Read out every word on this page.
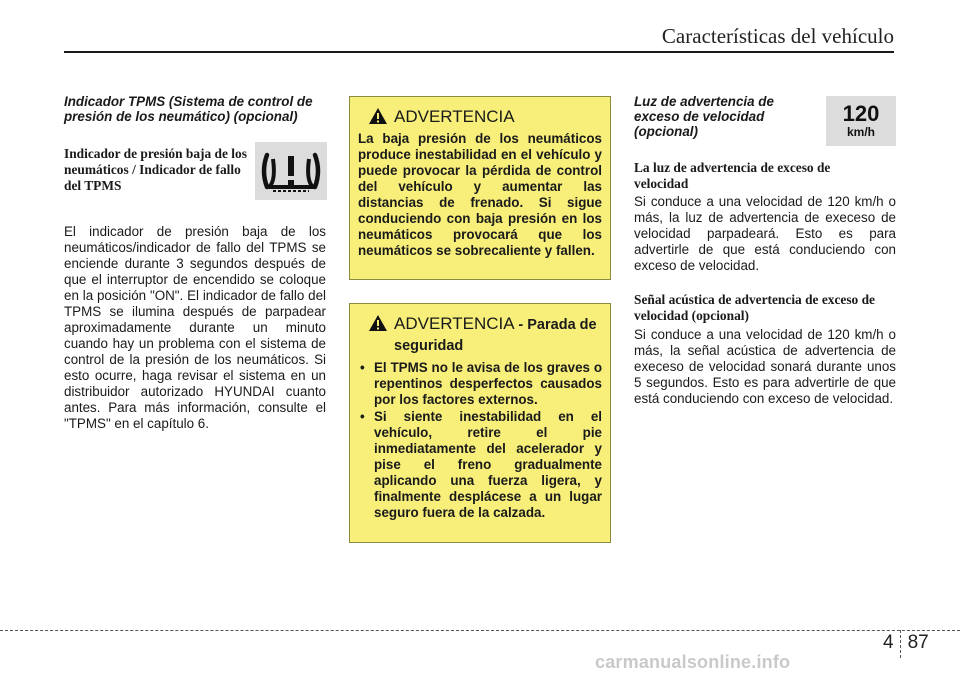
Características del vehículo
Indicador TPMS (Sistema de control de presión de los neumático) (opcional)
Indicador de presión baja de los neumáticos / Indicador de fallo del TPMS
El indicador de presión baja de los neumáticos/indicador de fallo del TPMS se enciende durante 3 segundos después de que el interruptor de encendido se coloque en la posición "ON". El indicador de fallo del TPMS se ilumina después de parpadear aproximadamente durante un minuto cuando hay un problema con el sistema de control de la presión de los neumáticos. Si esto ocurre, haga revisar el sistema en un distribuidor autorizado HYUNDAI cuanto antes. Para más información, consulte el "TPMS" en el capítulo 6.
ADVERTENCIA
La baja presión de los neumáticos produce inestabilidad en el vehículo y puede provocar la pérdida de control del vehículo y aumentar las distancias de frenado. Si sigue conduciendo con baja presión en los neumáticos provocará que los neumáticos se sobrecaliente y fallen.
ADVERTENCIA - Parada de seguridad
• El TPMS no le avisa de los graves o repentinos desperfectos causados por los factores externos.
• Si siente inestabilidad en el vehículo, retire el pie inmediatamente del acelerador y pise el freno gradualmente aplicando una fuerza ligera, y finalmente desplácese a un lugar seguro fuera de la calzada.
Luz de advertencia de exceso de velocidad (opcional)
120
km/h
La luz de advertencia de exceso de velocidad
Si conduce a una velocidad de 120 km/h o más, la luz de advertencia de execeso de velocidad parpadeará. Esto es para advertirle de que está conduciendo con exceso de velocidad.
Señal acústica de advertencia de exceso de velocidad (opcional)
Si conduce a una velocidad de 120 km/h o más, la señal acústica de advertencia de execeso de velocidad sonará durante unos 5 segundos. Esto es para advertirle de que está conduciendo con exceso de velocidad.
4 87
carmanualsonline.info
